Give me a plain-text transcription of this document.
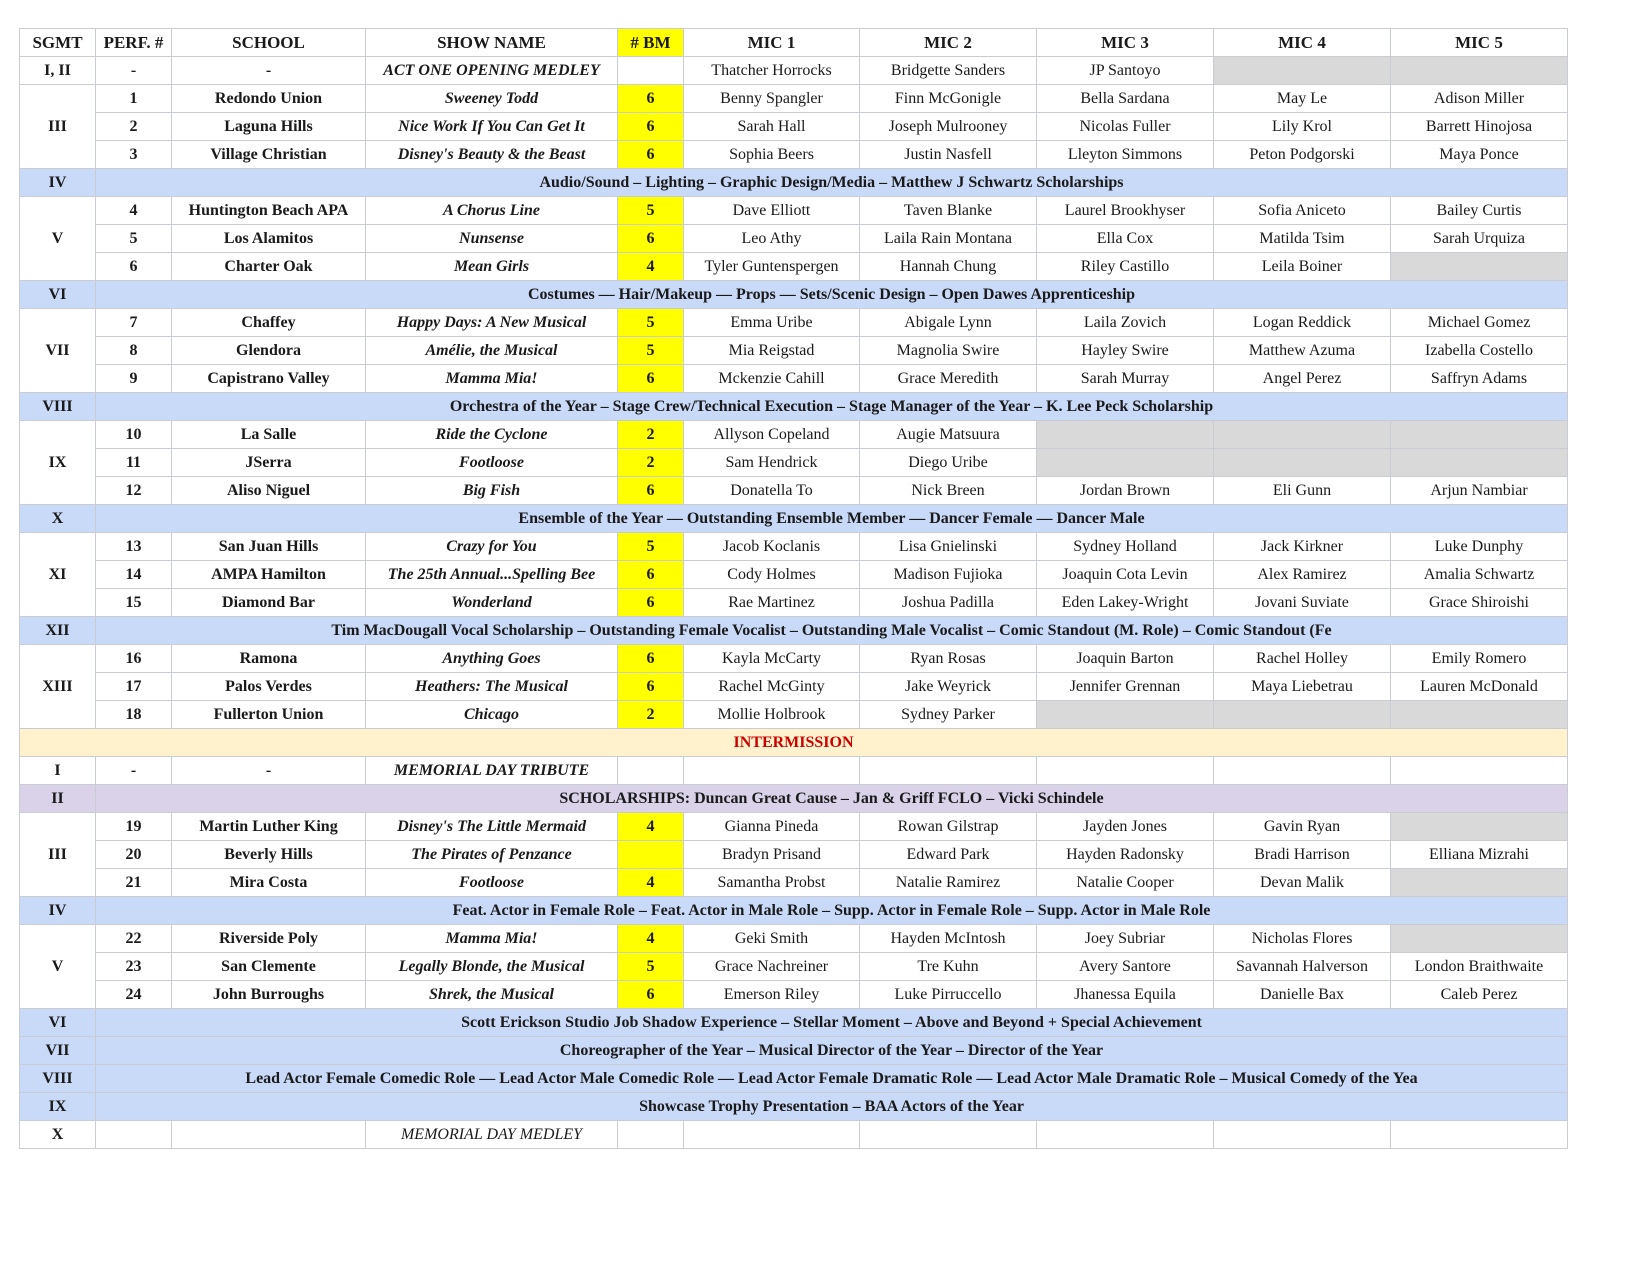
SGMT	PERF. #	SCHOOL	SHOW NAME	# BM	MIC 1	MIC 2	MIC 3	MIC 4	MIC 5
I, II	-	-	ACT ONE OPENING MEDLEY		Thatcher Horrocks	Bridgette Sanders	JP Santoyo		
III	1	Redondo Union	Sweeney Todd	6	Benny Spangler	Finn McGonigle	Bella Sardana	May Le	Adison Miller
	2	Laguna Hills	Nice Work If You Can Get It	6	Sarah Hall	Joseph Mulrooney	Nicolas Fuller	Lily Krol	Barrett Hinojosa
	3	Village Christian	Disney's Beauty & the Beast	6	Sophia Beers	Justin Nasfell	Lleyton Simmons	Peton Podgorski	Maya Ponce
IV	Audio/Sound – Lighting – Graphic Design/Media – Matthew J Schwartz Scholarships								
V	4	Huntington Beach APA	A Chorus Line	5	Dave Elliott	Taven Blanke	Laurel Brookhyser	Sofia Aniceto	Bailey Curtis
	5	Los Alamitos	Nunsense	6	Leo Athy	Laila Rain Montana	Ella Cox	Matilda Tsim	Sarah Urquiza
	6	Charter Oak	Mean Girls	4	Tyler Guntenspergen	Hannah Chung	Riley Castillo	Leila Boiner	
VI	Costumes — Hair/Makeup — Props — Sets/Scenic Design – Open Dawes Apprenticeship								
VII	7	Chaffey	Happy Days: A New Musical	5	Emma Uribe	Abigale Lynn	Laila Zovich	Logan Reddick	Michael Gomez
	8	Glendora	Amélie, the Musical	5	Mia Reigstad	Magnolia Swire	Hayley Swire	Matthew Azuma	Izabella Costello
	9	Capistrano Valley	Mamma Mia!	6	Mckenzie Cahill	Grace Meredith	Sarah Murray	Angel Perez	Saffryn Adams
VIII	Orchestra of the Year – Stage Crew/Technical Execution – Stage Manager of the Year – K. Lee Peck Scholarship								
IX	10	La Salle	Ride the Cyclone	2	Allyson Copeland	Augie Matsuura			
	11	JSerra	Footloose	2	Sam Hendrick	Diego Uribe			
	12	Aliso Niguel	Big Fish	6	Donatella To	Nick Breen	Jordan Brown	Eli Gunn	Arjun Nambiar
X	Ensemble of the Year — Outstanding Ensemble Member — Dancer Female — Dancer Male								
XI	13	San Juan Hills	Crazy for You	5	Jacob Koclanis	Lisa Gnielinski	Sydney Holland	Jack Kirkner	Luke Dunphy
	14	AMPA Hamilton	The 25th Annual...Spelling Bee	6	Cody Holmes	Madison Fujioka	Joaquin Cota Levin	Alex Ramirez	Amalia Schwartz
	15	Diamond Bar	Wonderland	6	Rae Martinez	Joshua Padilla	Eden Lakey-Wright	Jovani Suviate	Grace Shiroishi
XII	Tim MacDougall Vocal Scholarship – Outstanding Female Vocalist – Outstanding Male Vocalist – Comic Standout (M. Role) – Comic Standout (Fe								
XIII	16	Ramona	Anything Goes	6	Kayla McCarty	Ryan Rosas	Joaquin Barton	Rachel Holley	Emily Romero
	17	Palos Verdes	Heathers: The Musical	6	Rachel McGinty	Jake Weyrick	Jennifer Grennan	Maya Liebetrau	Lauren McDonald
	18	Fullerton Union	Chicago	2	Mollie Holbrook	Sydney Parker			
INTERMISSION									
I	-	-	MEMORIAL DAY TRIBUTE						
II	SCHOLARSHIPS: Duncan Great Cause – Jan & Griff FCLO – Vicki Schindele								
III	19	Martin Luther King	Disney's The Little Mermaid	4	Gianna Pineda	Rowan Gilstrap	Jayden Jones	Gavin Ryan	
	20	Beverly Hills	The Pirates of Penzance		Bradyn Prisand	Edward Park	Hayden Radonsky	Bradi Harrison	Elliana Mizrahi
	21	Mira Costa	Footloose	4	Samantha Probst	Natalie Ramirez	Natalie Cooper	Devan Malik	
IV	Feat. Actor in Female Role – Feat. Actor in Male Role – Supp. Actor in Female Role – Supp. Actor in Male Role								
V	22	Riverside Poly	Mamma Mia!	4	Geki Smith	Hayden McIntosh	Joey Subriar	Nicholas Flores	
	23	San Clemente	Legally Blonde, the Musical	5	Grace Nachreiner	Tre Kuhn	Avery Santore	Savannah Halverson	London Braithwaite
	24	John Burroughs	Shrek, the Musical	6	Emerson Riley	Luke Pirruccello	Jhanessa Equila	Danielle Bax	Caleb Perez
VI	Scott Erickson Studio Job Shadow Experience – Stellar Moment – Above and Beyond + Special Achievement								
VII	Choreographer of the Year – Musical Director of the Year – Director of the Year								
VIII	Lead Actor Female Comedic Role — Lead Actor Male Comedic Role — Lead Actor Female Dramatic Role — Lead Actor Male Dramatic Role – Musical Comedy of the Yea								
IX	Showcase Trophy Presentation – BAA Actors of the Year								
X			MEMORIAL DAY MEDLEY						
